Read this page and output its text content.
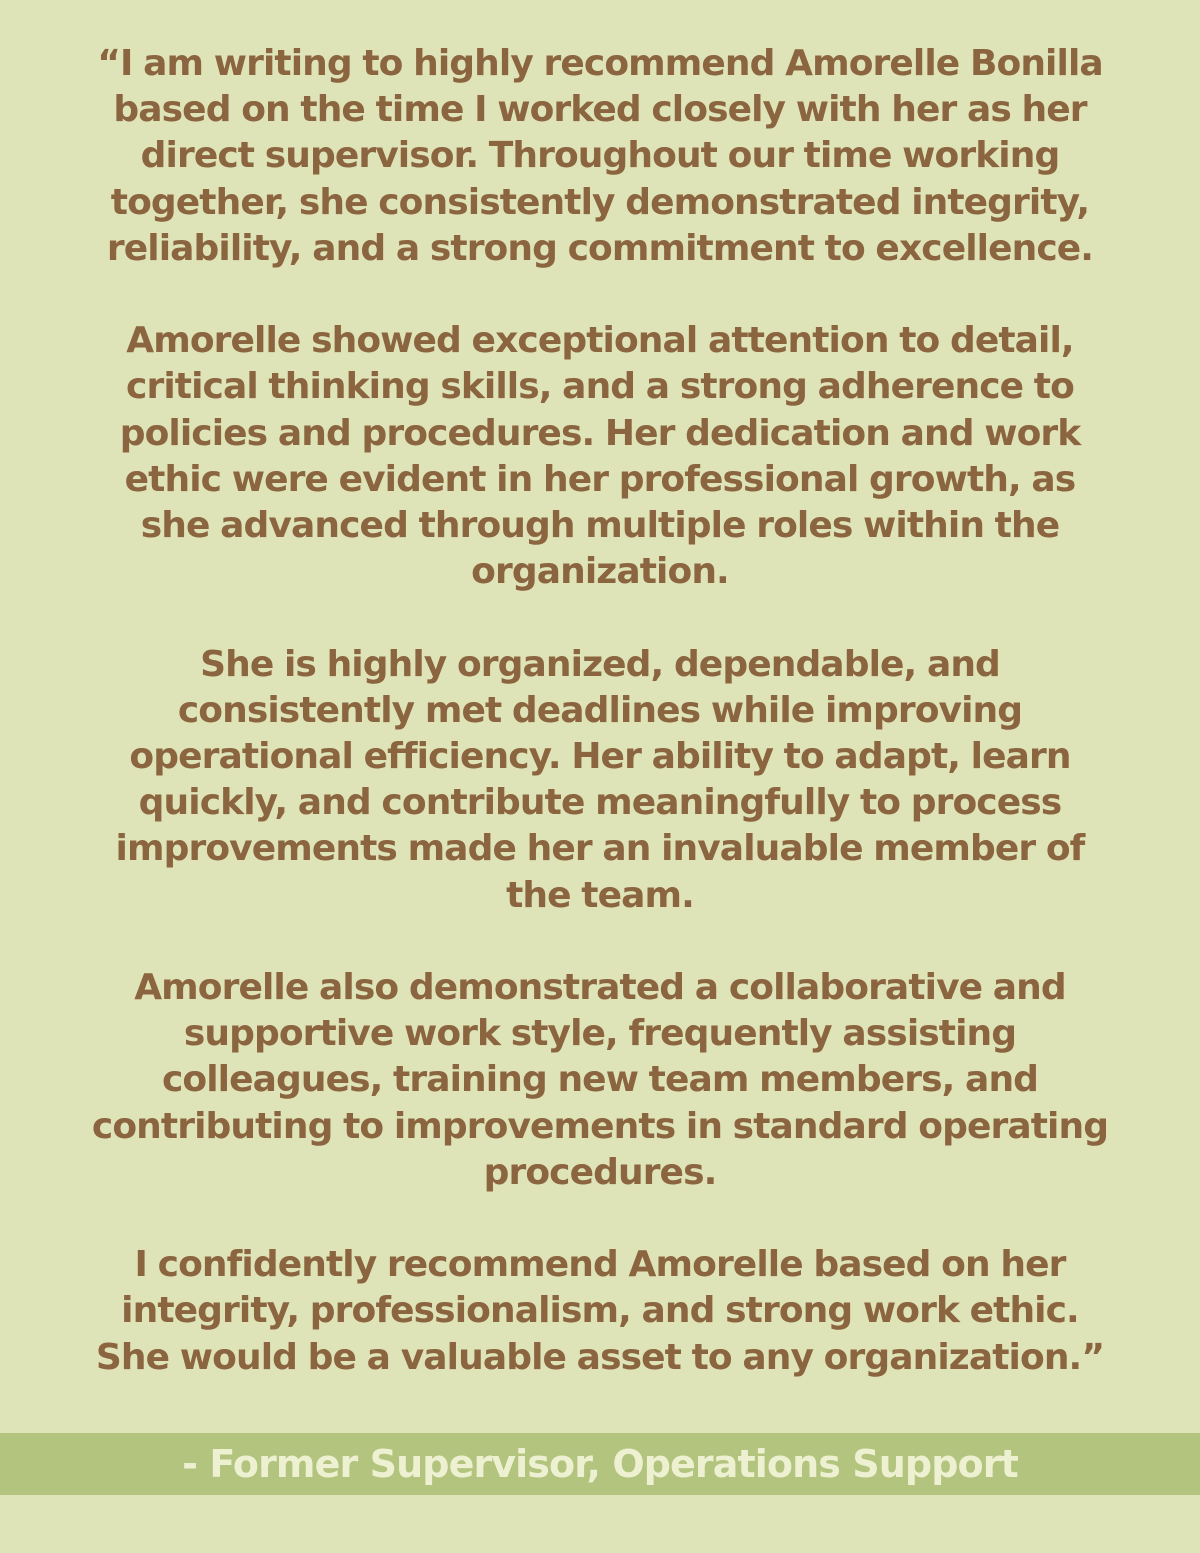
“I am writing to highly recommend Amorelle Bonilla
based on the time I worked closely with her as her
direct supervisor. Throughout our time working
together, she consistently demonstrated integrity,
reliability, and a strong commitment to excellence.

Amorelle showed exceptional attention to detail,
critical thinking skills, and a strong adherence to
policies and procedures. Her dedication and work
ethic were evident in her professional growth, as
she advanced through multiple roles within the
organization.

She is highly organized, dependable, and
consistently met deadlines while improving
operational efficiency. Her ability to adapt, learn
quickly, and contribute meaningfully to process
improvements made her an invaluable member of
the team.

Amorelle also demonstrated a collaborative and
supportive work style, frequently assisting
colleagues, training new team members, and
contributing to improvements in standard operating
procedures.

I confidently recommend Amorelle based on her
integrity, professionalism, and strong work ethic.
She would be a valuable asset to any organization.”

- Former Supervisor, Operations Support
